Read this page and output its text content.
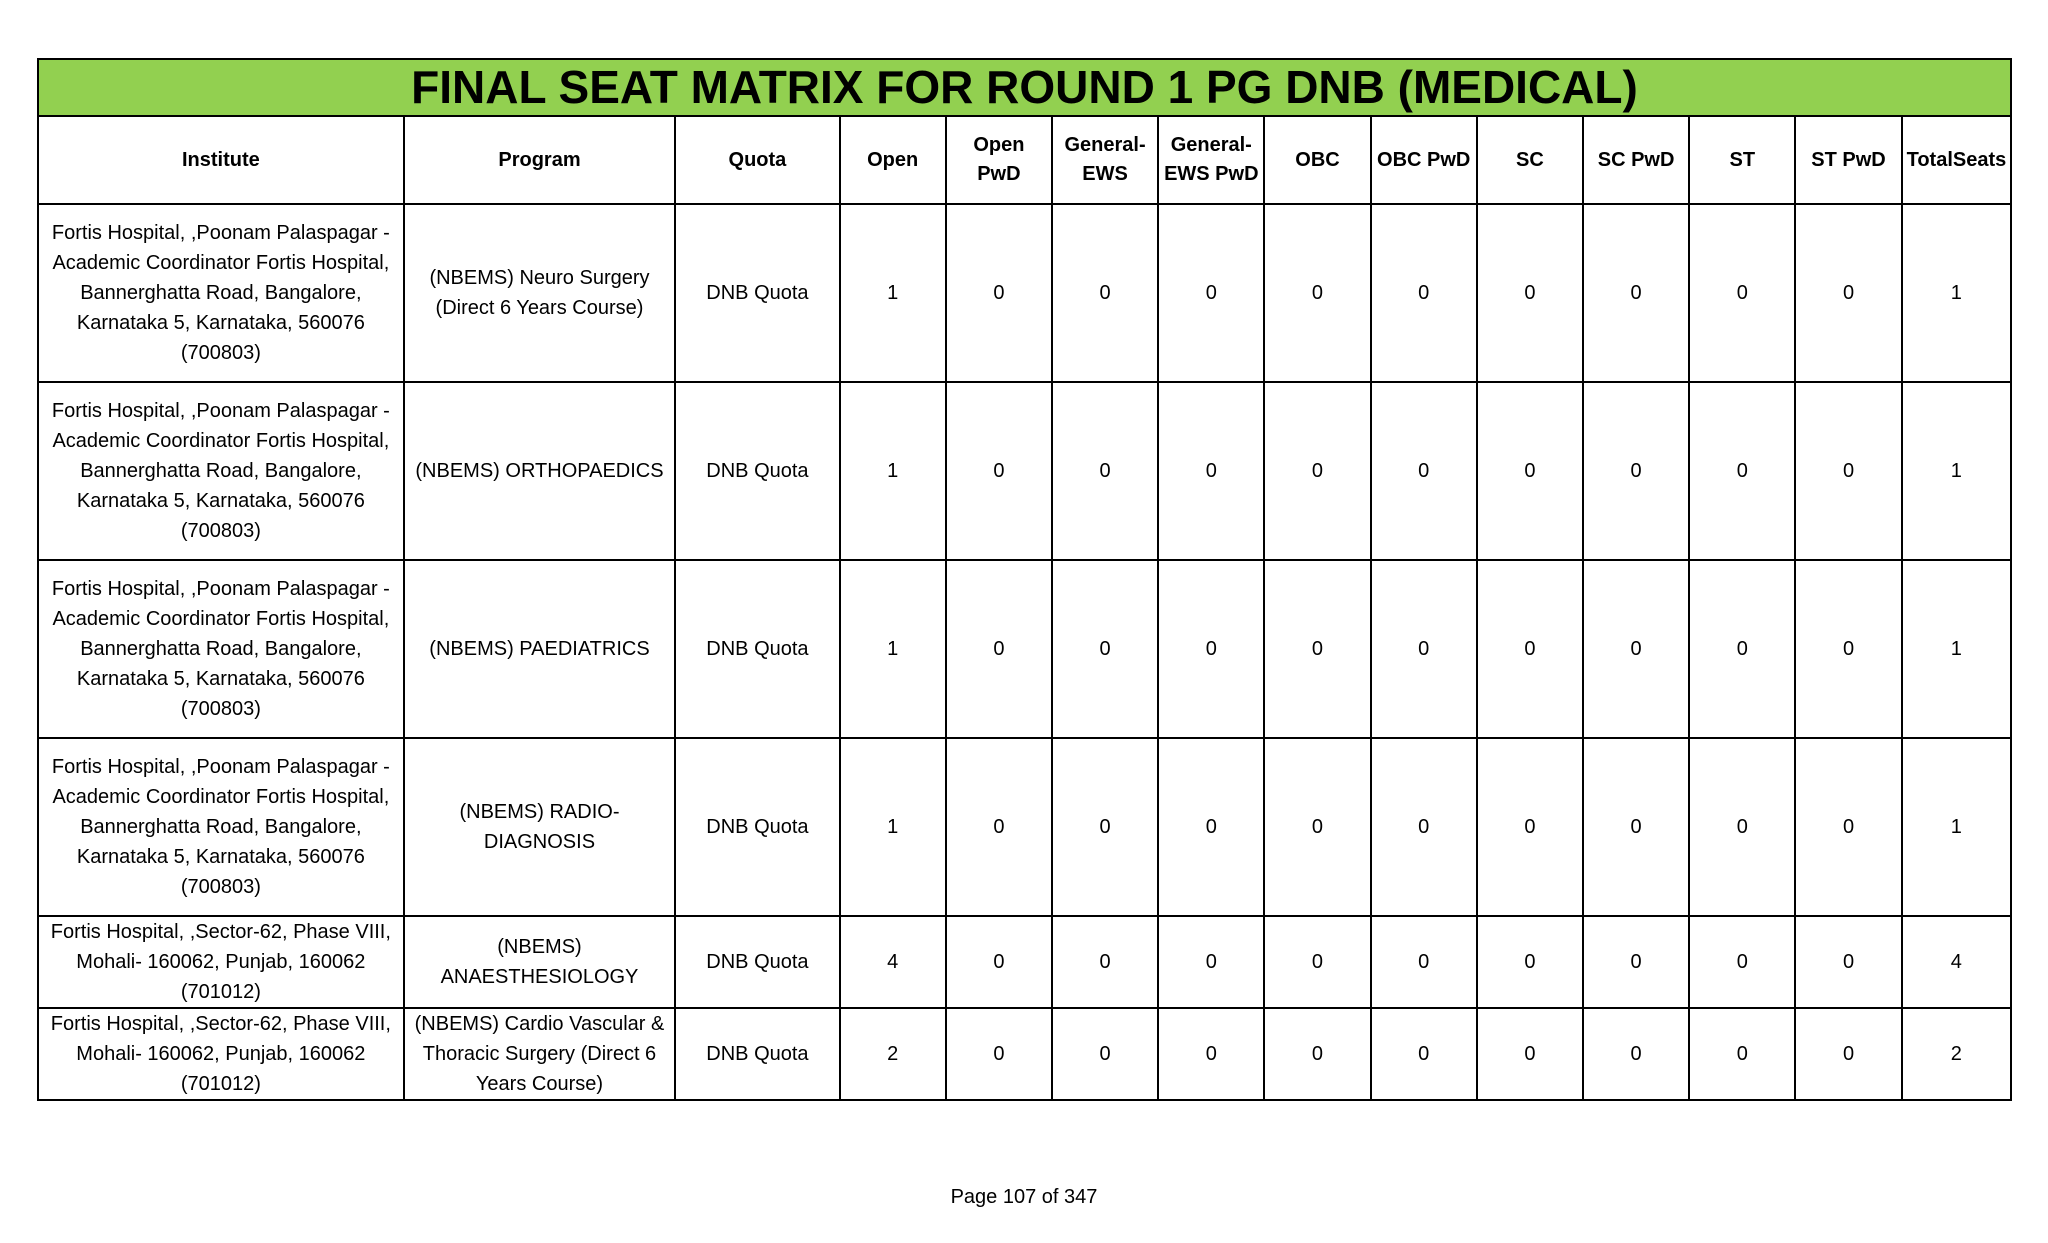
FINAL SEAT MATRIX FOR ROUND 1 PG DNB (MEDICAL)													
Institute	Program	Quota	Open	Open PwD	General-EWS	General-EWS PwD	OBC	OBC PwD	SC	SC PwD	ST	ST PwD	TotalSeats
Fortis Hospital, ,Poonam Palaspagar - Academic Coordinator Fortis Hospital, Bannerghatta Road, Bangalore, Karnataka 5, Karnataka, 560076 (700803)	(NBEMS) Neuro Surgery (Direct 6 Years Course)	DNB Quota	1	0	0	0	0	0	0	0	0	0	1
Fortis Hospital, ,Poonam Palaspagar - Academic Coordinator Fortis Hospital, Bannerghatta Road, Bangalore, Karnataka 5, Karnataka, 560076 (700803)	(NBEMS) ORTHOPAEDICS	DNB Quota	1	0	0	0	0	0	0	0	0	0	1
Fortis Hospital, ,Poonam Palaspagar - Academic Coordinator Fortis Hospital, Bannerghatta Road, Bangalore, Karnataka 5, Karnataka, 560076 (700803)	(NBEMS) PAEDIATRICS	DNB Quota	1	0	0	0	0	0	0	0	0	0	1
Fortis Hospital, ,Poonam Palaspagar - Academic Coordinator Fortis Hospital, Bannerghatta Road, Bangalore, Karnataka 5, Karnataka, 560076 (700803)	(NBEMS) RADIO-DIAGNOSIS	DNB Quota	1	0	0	0	0	0	0	0	0	0	1
Fortis Hospital, ,Sector-62, Phase VIII, Mohali- 160062, Punjab, 160062 (701012)	(NBEMS) ANAESTHESIOLOGY	DNB Quota	4	0	0	0	0	0	0	0	0	0	4
Fortis Hospital, ,Sector-62, Phase VIII, Mohali- 160062, Punjab, 160062 (701012)	(NBEMS) Cardio Vascular & Thoracic Surgery (Direct 6 Years Course)	DNB Quota	2	0	0	0	0	0	0	0	0	0	2
Page 107 of 347
